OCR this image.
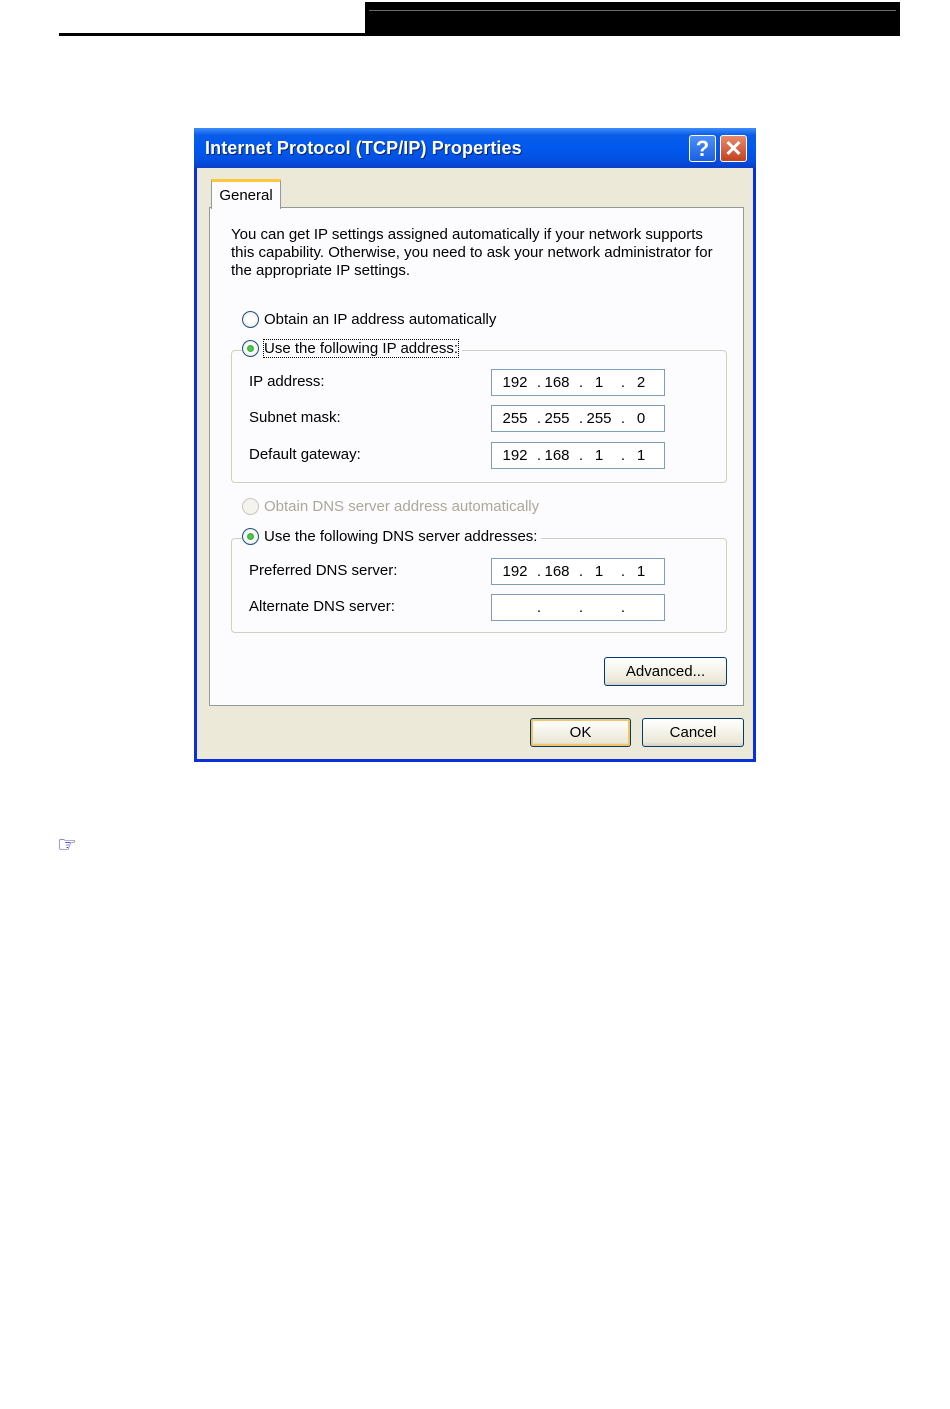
Internet Protocol (TCP/IP) Properties	? ✕
General
You can get IP settings assigned automatically if your network supports this capability. Otherwise, you need to ask your network administrator for the appropriate IP settings.
Obtain an IP address automatically
IP address:	192 . 168 . 1	. 2
Subnet mask:	255 . 255 . 255 . 0
Default gateway:	192 . 168 . 1	. 1
Use the following IP address:
Obtain DNS server address automatically
Preferred DNS server:	192 . 168 . 1	. 1
Alternate DNS server:	.	.	.
Use the following DNS server addresses:
Advanced...
OK	Cancel
☞
